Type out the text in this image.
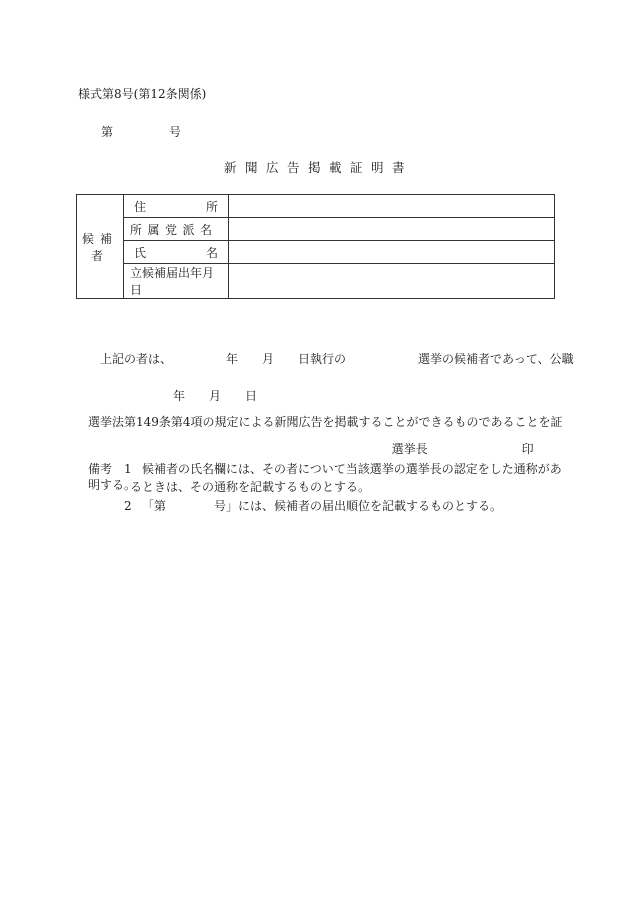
様式第8号(第12条関係)
第	号
新聞広告掲載証明書
候補者	住 所	

	所属党派名	

	氏 名	

	立候補届出年月日	

上記の者は、　　　　　年　　月　　日執行の　　　　　　選挙の候補者であって、公職

選挙法第149条第4項の規定による新聞広告を掲載することができるものであることを証

明する。

年　　月　　日

選挙長	印

備考 1 候補者の氏名欄には、その者について当該選挙の選挙長の認定をした通称があ
るときは、その通称を記載するものとする。
2 「第　　　　号」には、候補者の届出順位を記載するものとする。
